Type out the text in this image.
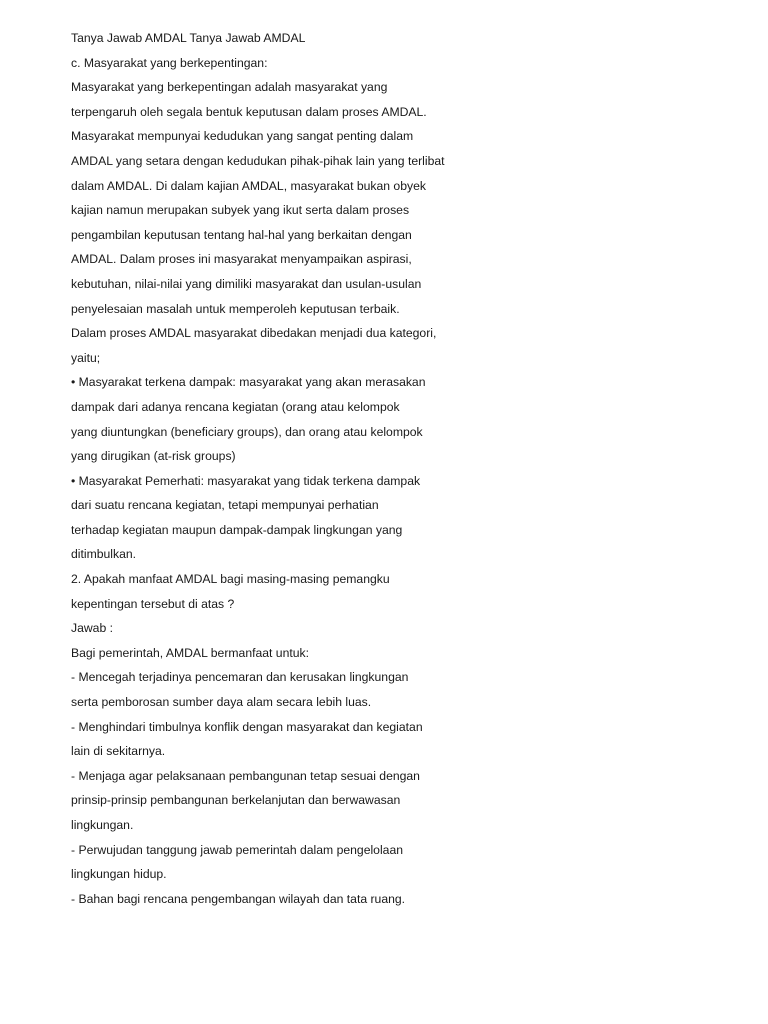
Tanya Jawab AMDAL Tanya Jawab AMDAL
c. Masyarakat yang berkepentingan:
Masyarakat yang berkepentingan adalah masyarakat yang
terpengaruh oleh segala bentuk keputusan dalam proses AMDAL.
Masyarakat mempunyai kedudukan yang sangat penting dalam
AMDAL yang setara dengan kedudukan pihak-pihak lain yang terlibat
dalam AMDAL. Di dalam kajian AMDAL, masyarakat bukan obyek
kajian namun merupakan subyek yang ikut serta dalam proses
pengambilan keputusan tentang hal-hal yang berkaitan dengan
AMDAL. Dalam proses ini masyarakat menyampaikan aspirasi,
kebutuhan, nilai-nilai yang dimiliki masyarakat dan usulan-usulan
penyelesaian masalah untuk memperoleh keputusan terbaik.
Dalam proses AMDAL masyarakat dibedakan menjadi dua kategori,
yaitu;
• Masyarakat terkena dampak: masyarakat yang akan merasakan
dampak dari adanya rencana kegiatan (orang atau kelompok
yang diuntungkan (beneficiary groups), dan orang atau kelompok
yang dirugikan (at-risk groups)
• Masyarakat Pemerhati: masyarakat yang tidak terkena dampak
dari suatu rencana kegiatan, tetapi mempunyai perhatian
terhadap kegiatan maupun dampak-dampak lingkungan yang
ditimbulkan.
2. Apakah manfaat AMDAL bagi masing-masing pemangku
kepentingan tersebut di atas ?
Jawab :
Bagi pemerintah, AMDAL bermanfaat untuk:
- Mencegah terjadinya pencemaran dan kerusakan lingkungan
serta pemborosan sumber daya alam secara lebih luas.
- Menghindari timbulnya konflik dengan masyarakat dan kegiatan
lain di sekitarnya.
- Menjaga agar pelaksanaan pembangunan tetap sesuai dengan
prinsip-prinsip pembangunan berkelanjutan dan berwawasan
lingkungan.
- Perwujudan tanggung jawab pemerintah dalam pengelolaan
lingkungan hidup.
- Bahan bagi rencana pengembangan wilayah dan tata ruang.
